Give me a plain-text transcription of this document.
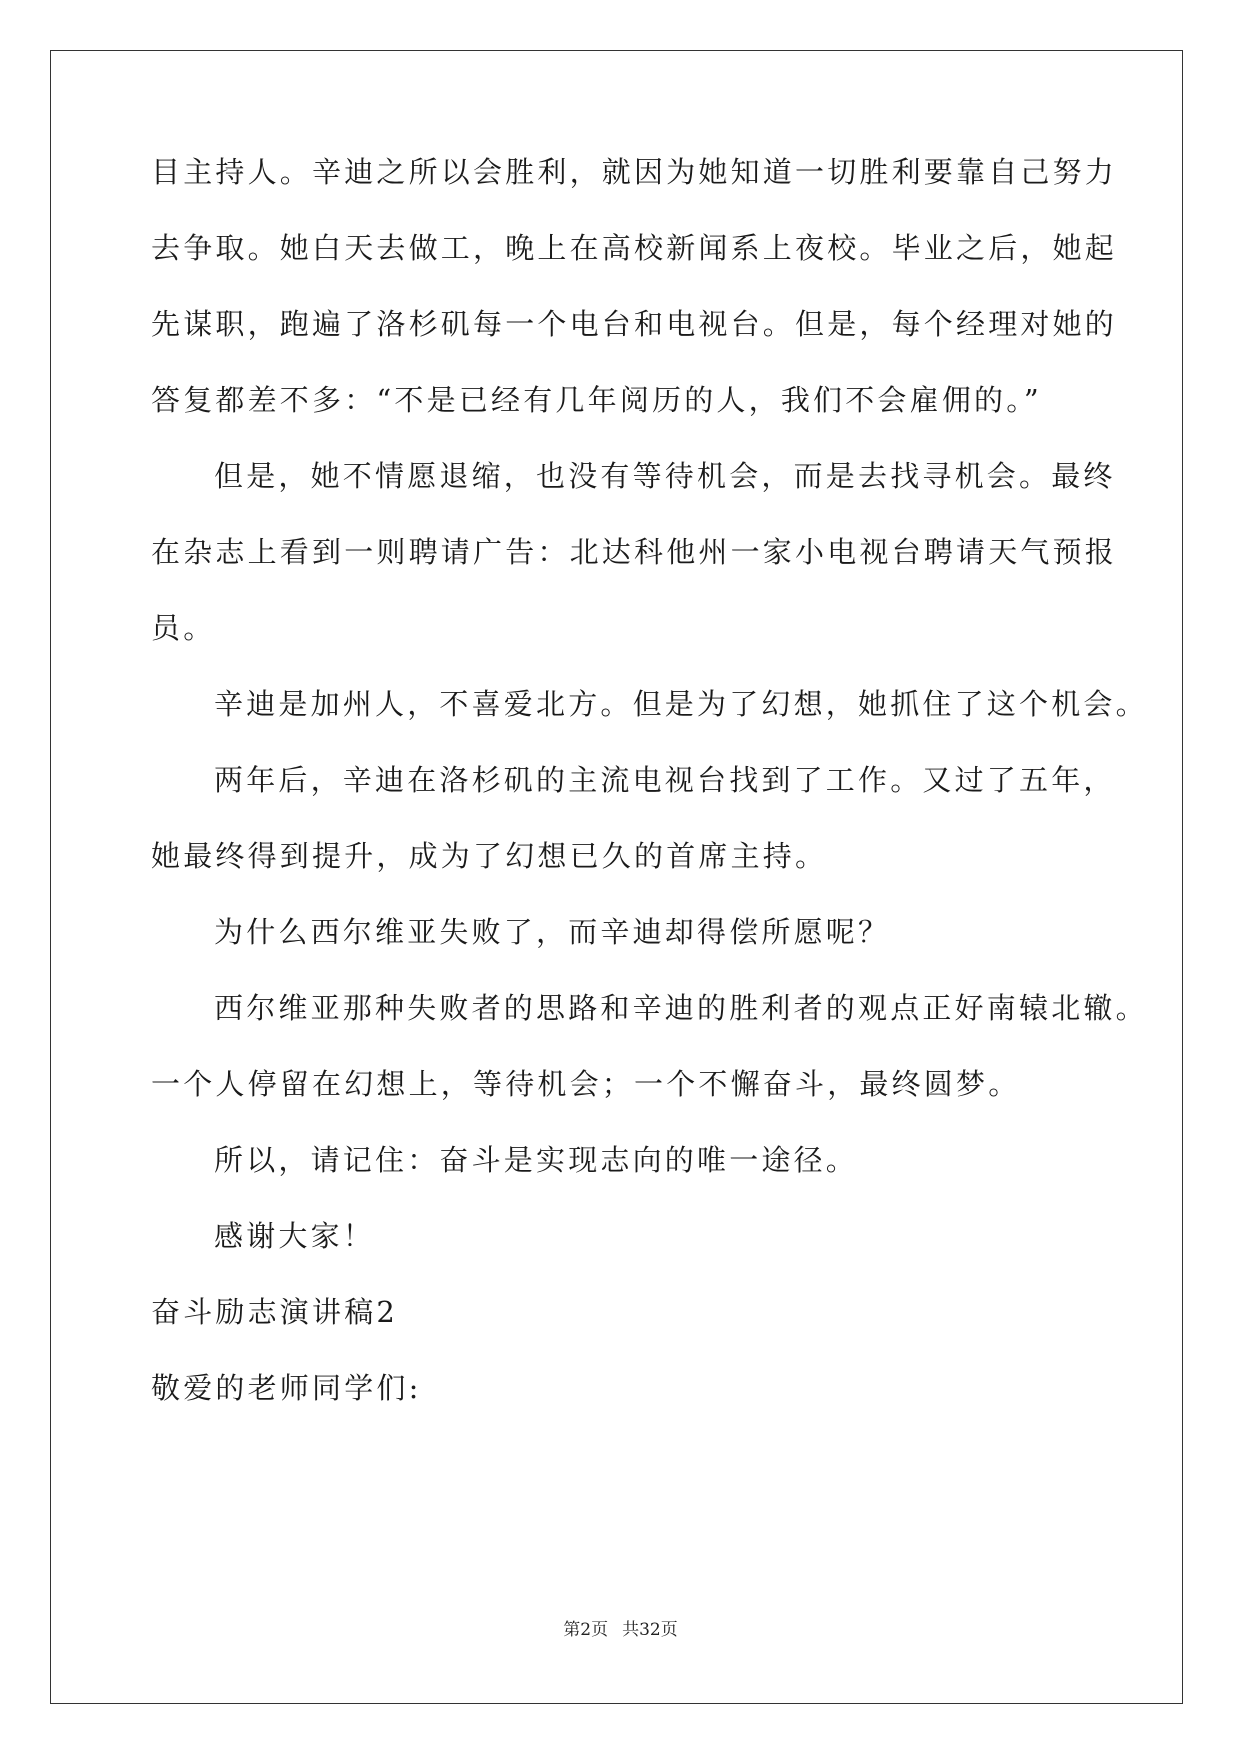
目主持人。辛迪之所以会胜利，就因为她知道一切胜利要靠自己努力
去争取。她白天去做工，晚上在高校新闻系上夜校。毕业之后，她起
先谋职，跑遍了洛杉矶每一个电台和电视台。但是，每个经理对她的
答复都差不多：“不是已经有几年阅历的人，我们不会雇佣的。”
但是，她不情愿退缩，也没有等待机会，而是去找寻机会。最终
在杂志上看到一则聘请广告：北达科他州一家小电视台聘请天气预报
员。
辛迪是加州人，不喜爱北方。但是为了幻想，她抓住了这个机会。
两年后，辛迪在洛杉矶的主流电视台找到了工作。又过了五年，
她最终得到提升，成为了幻想已久的首席主持。
为什么西尔维亚失败了，而辛迪却得偿所愿呢？
西尔维亚那种失败者的思路和辛迪的胜利者的观点正好南辕北辙。
一个人停留在幻想上，等待机会；一个不懈奋斗，最终圆梦。
所以，请记住：奋斗是实现志向的唯一途径。
感谢大家！
奋斗励志演讲稿2
敬爱的老师同学们:
第2页 共32页
